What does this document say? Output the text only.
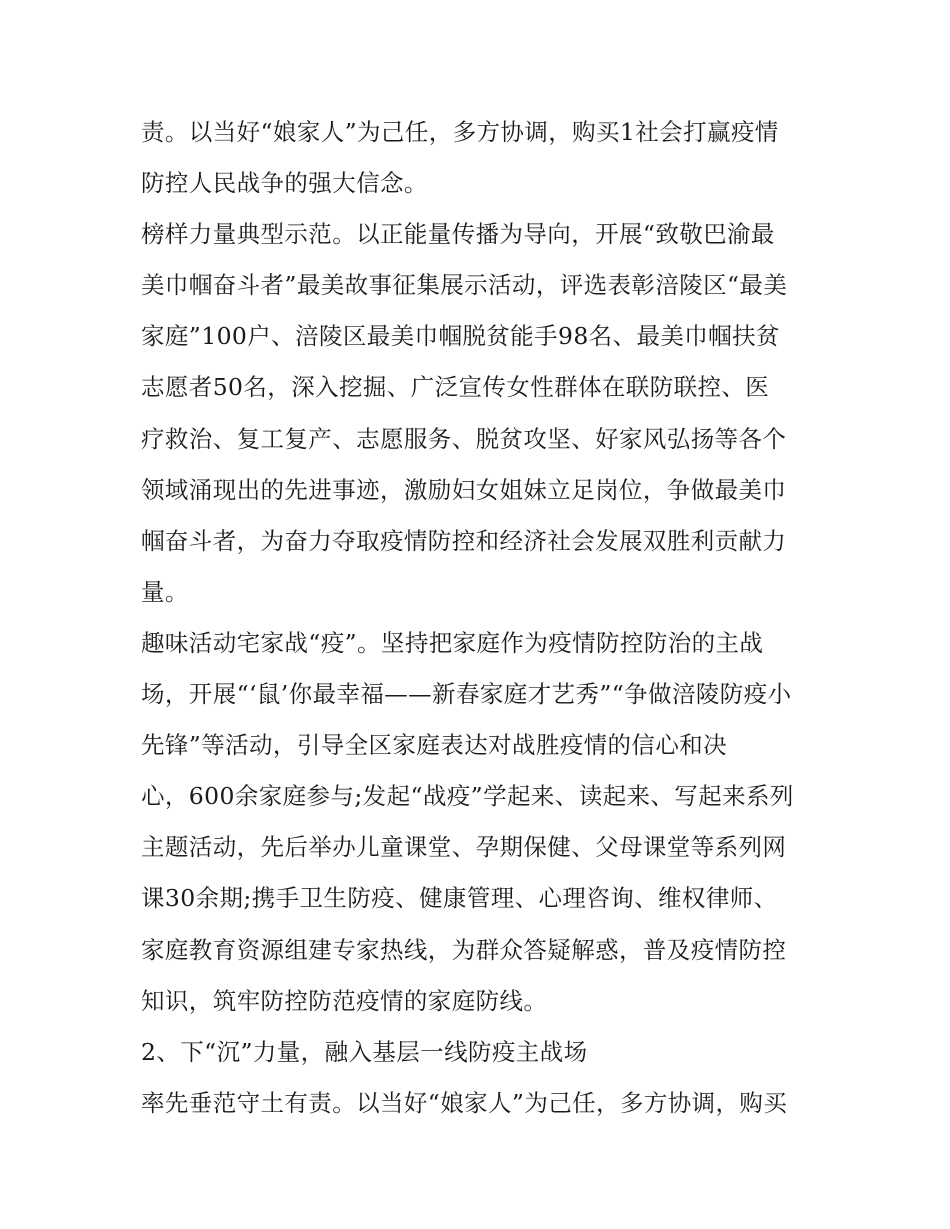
责。以当好“娘家人”为己任，多方协调，购买1社会打赢疫情
防控人民战争的强大信念。
榜样力量典型示范。以正能量传播为导向，开展“致敬巴渝最
美巾帼奋斗者”最美故事征集展示活动，评选表彰涪陵区“最美
家庭”100户、涪陵区最美巾帼脱贫能手98名、最美巾帼扶贫
志愿者50名，深入挖掘、广泛宣传女性群体在联防联控、医
疗救治、复工复产、志愿服务、脱贫攻坚、好家风弘扬等各个
领域涌现出的先进事迹，激励妇女姐妹立足岗位，争做最美巾
帼奋斗者，为奋力夺取疫情防控和经济社会发展双胜利贡献力
量。
趣味活动宅家战“疫”。坚持把家庭作为疫情防控防治的主战
场，开展“‘鼠’你最幸福——新春家庭才艺秀”“争做涪陵防疫小
先锋”等活动，引导全区家庭表达对战胜疫情的信心和决
心，600余家庭参与;发起“战疫”学起来、读起来、写起来系列
主题活动，先后举办儿童课堂、孕期保健、父母课堂等系列网
课30余期;携手卫生防疫、健康管理、心理咨询、维权律师、
家庭教育资源组建专家热线，为群众答疑解惑，普及疫情防控
知识，筑牢防控防范疫情的家庭防线。
2、下“沉”力量，融入基层一线防疫主战场
率先垂范守土有责。以当好“娘家人”为己任，多方协调，购买
